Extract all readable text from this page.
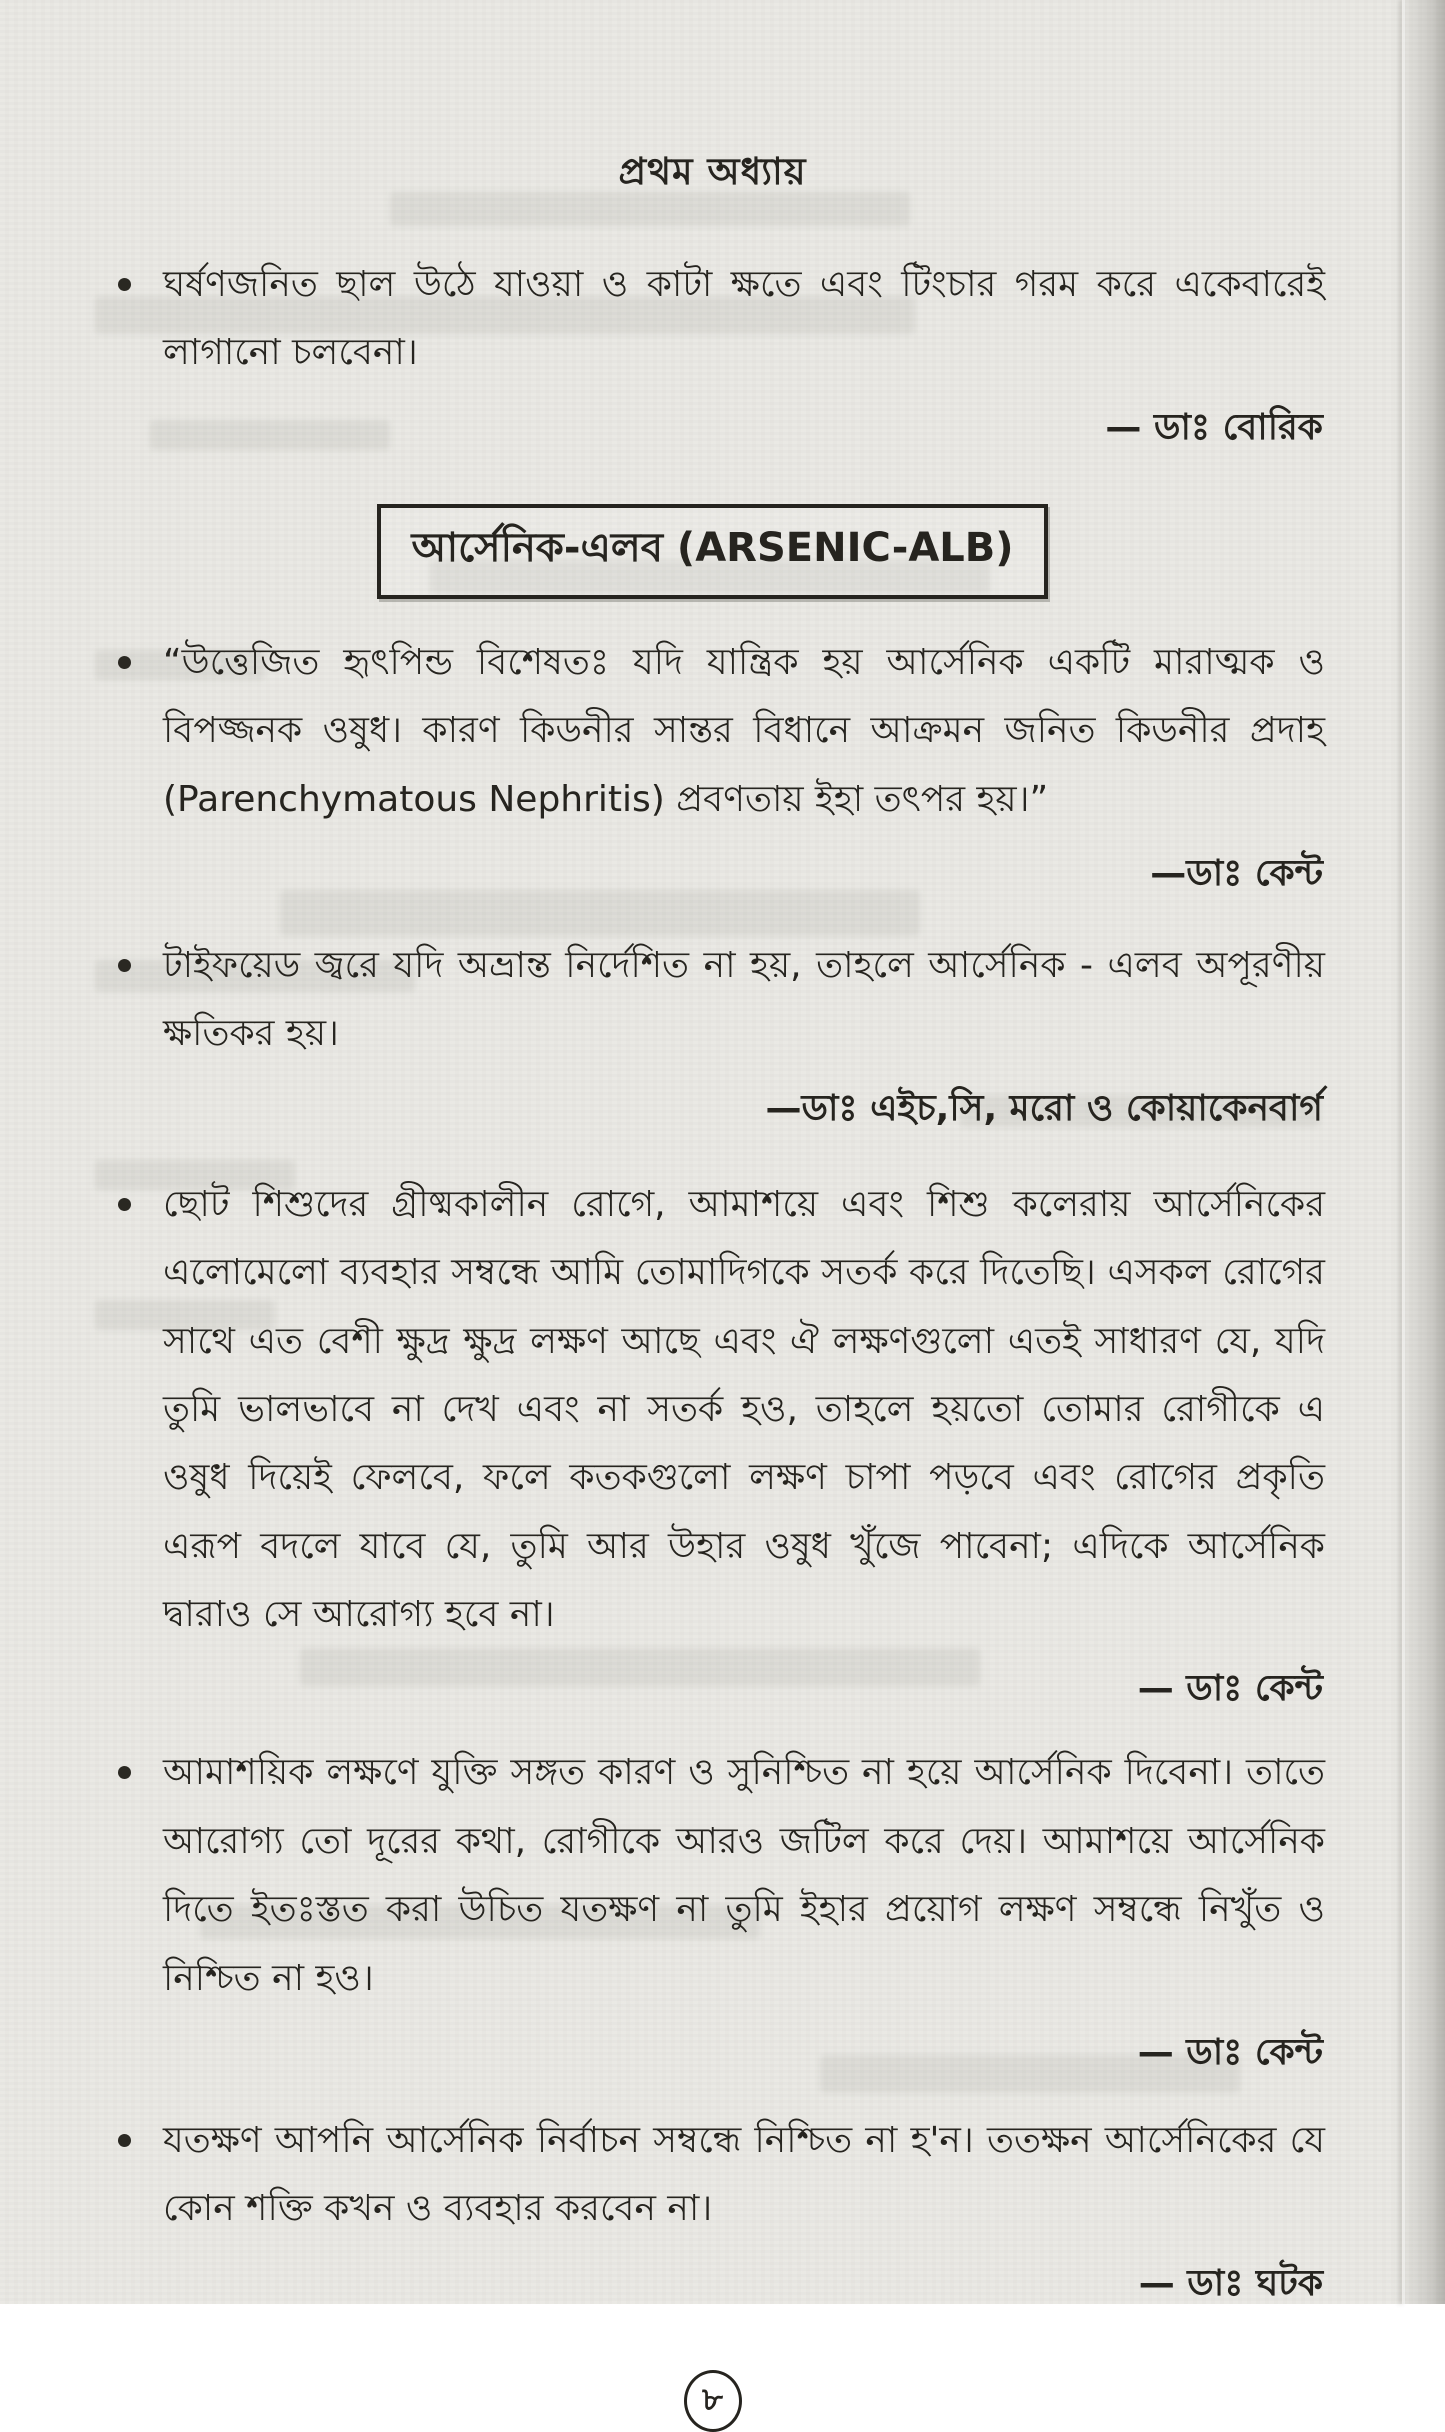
প্রথম অধ্যায়

ঘর্ষণজনিত ছাল উঠে যাওয়া ও কাটা ক্ষতে এবং টিংচার গরম করে একেবারেই লাগানো চলবেনা।

— ডাঃ বোরিক
আর্সেনিক-এলব (ARSENIC-ALB)

“উত্তেজিত হৃৎপিন্ড বিশেষতঃ যদি যান্ত্রিক হয় আর্সেনিক একটি মারাত্মক ও বিপজ্জনক ওষুধ। কারণ কিডনীর সান্তর বিধানে আক্রমন জনিত কিডনীর প্রদাহ (Parenchymatous Nephritis) প্রবণতায় ইহা তৎপর হয়।”

—ডাঃ কেন্ট

টাইফয়েড জ্বরে যদি অভ্রান্ত নির্দেশিত না হয়, তাহলে আর্সেনিক - এলব অপূরণীয় ক্ষতিকর হয়।

—ডাঃ এইচ,সি, মরো ও কোয়াকেনবার্গ

ছোট শিশুদের গ্রীষ্মকালীন রোগে, আমাশয়ে এবং শিশু কলেরায় আর্সেনিকের এলোমেলো ব্যবহার সম্বন্ধে আমি তোমাদিগকে সতর্ক করে দিতেছি। এসকল রোগের সাথে এত বেশী ক্ষুদ্র ক্ষুদ্র লক্ষণ আছে এবং ঐ লক্ষণগুলো এতই সাধারণ যে, যদি তুমি ভালভাবে না দেখ এবং না সতর্ক হও, তাহলে হয়তো তোমার রোগীকে এ ওষুধ দিয়েই ফেলবে, ফলে কতকগুলো লক্ষণ চাপা পড়বে এবং রোগের প্রকৃতি এরূপ বদলে যাবে যে, তুমি আর উহার ওষুধ খুঁজে পাবেনা; এদিকে আর্সেনিক দ্বারাও সে আরোগ্য হবে না।

— ডাঃ কেন্ট

আমাশয়িক লক্ষণে যুক্তি সঙ্গত কারণ ও সুনিশ্চিত না হয়ে আর্সেনিক দিবেনা। তাতে আরোগ্য তো দূরের কথা, রোগীকে আরও জটিল করে দেয়। আমাশয়ে আর্সেনিক দিতে ইতঃস্তত করা উচিত যতক্ষণ না তুমি ইহার প্রয়োগ লক্ষণ সম্বন্ধে নিখুঁত ও নিশ্চিত না হও।

— ডাঃ কেন্ট

যতক্ষণ আপনি আর্সেনিক নির্বাচন সম্বন্ধে নিশ্চিত না হ'ন। ততক্ষন আর্সেনিকের যে কোন শক্তি কখন ও ব্যবহার করবেন না।

— ডাঃ ঘটক
৮
